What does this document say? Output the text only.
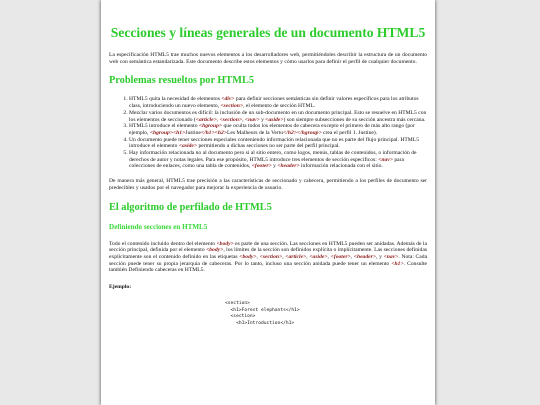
Secciones y líneas generales de un documento HTML5

La especificación HTML5 trae muchos nuevos elementos a los desarrolladores web, permitiéndoles describir la estructura de un documento web con semántica estandarizada. Este documento describe estos elementos y cómo usarlos para definir el perfil de cualquier documento.

Problemas resueltos por HTML5
1. HTML5 quita la necesidad de elementos <div> para definir secciones semánticas sin definir valores específicos para los atributos class, introduciendo un nuevo elemento, <section>, el elemento de sección HTML.
2. Mezclar varios documentos es difícil: la inclusión de un sub-documento en un documento principal. Esto se resuelve en HTML5 con los elementos de seccionado (<article>, <section>, <nav> y <aside>) son siempre subsecciones de su sección ancestra más cercana.
3. HTML5 introduce el elemento <hgroup> que oculta todos los elementos de cabecera excepto el primero de más alto rango (por ejemplo, <hgroup><h1>Justine</h1><h2>Les Malheurs de la Vertu</h2></hgroup> crea el perfil 1. Justine).
4. Un documento puede tener secciones especiales conteniendo información relacionada que no es parte del flujo principal. HTML5 introduce el elemento <aside> permitiendo a dichas secciones no ser parte del perfil principal.
5. Hay información relacionada no al documento pero si al sitio entero, como logos, menús, tablas de contenidos, o información de derechos de autor y notas legales. Para ese propósito, HTML5 introduce tres elementos de sección específicos: <nav> para colecciones de enlaces, como una tabla de contenidos, <footer> y <header> información relacionada con el sitio.

De manera más general, HTML5 trae precisión a las características de seccionado y cabecera, permitiendo a los perfiles de documento ser predecibles y usados por el navegador para mejorar la experiencia de usuario.

El algoritmo de perfilado de HTML5
Definiendo secciones en HTML5

Todo el contenido incluido dentro del elemento <body> es parte de una sección. Las secciones en HTML5 pueden ser anidadas. Además de la sección principal, definida por el elemento <body>, los límites de la sección son definidos explícita o implícitamente. Las secciones definidas explícitamente son el contenido definido en las etiquetas <body>, <section>, <article>, <aside>, <footer>, <header>, y <nav>. Nota: Cada sección puede tener su propia jerarquía de cabeceras. Por lo tanto, incluso una sección anidada puede tener un elemento <h1>. Consulte también Definiendo cabeceras en HTML5.

Ejemplo:
<section>
<h1>Forest elephants</h1>
<section>
<h1>Introduction</h1>
